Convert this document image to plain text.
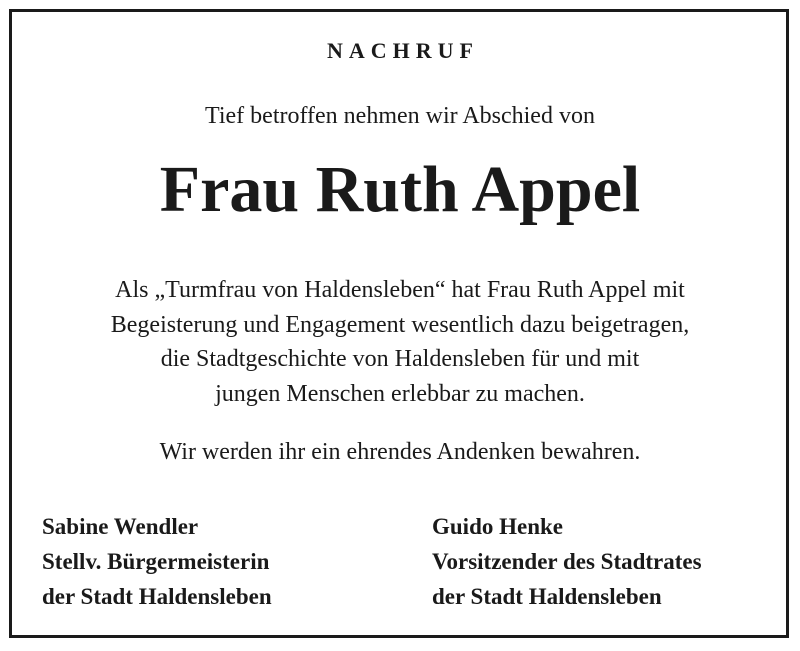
NACHRUF
Tief betroffen nehmen wir Abschied von
Frau Ruth Appel
Als „Turmfrau von Haldensleben“ hat Frau Ruth Appel mit
Begeisterung und Engagement wesentlich dazu beigetragen,
die Stadtgeschichte von Haldensleben für und mit
jungen Menschen erlebbar zu machen.
Wir werden ihr ein ehrendes Andenken bewahren.
Sabine Wendler
Stellv. Bürgermeisterin
der Stadt Haldensleben
Guido Henke
Vorsitzender des Stadtrates
der Stadt Haldensleben
